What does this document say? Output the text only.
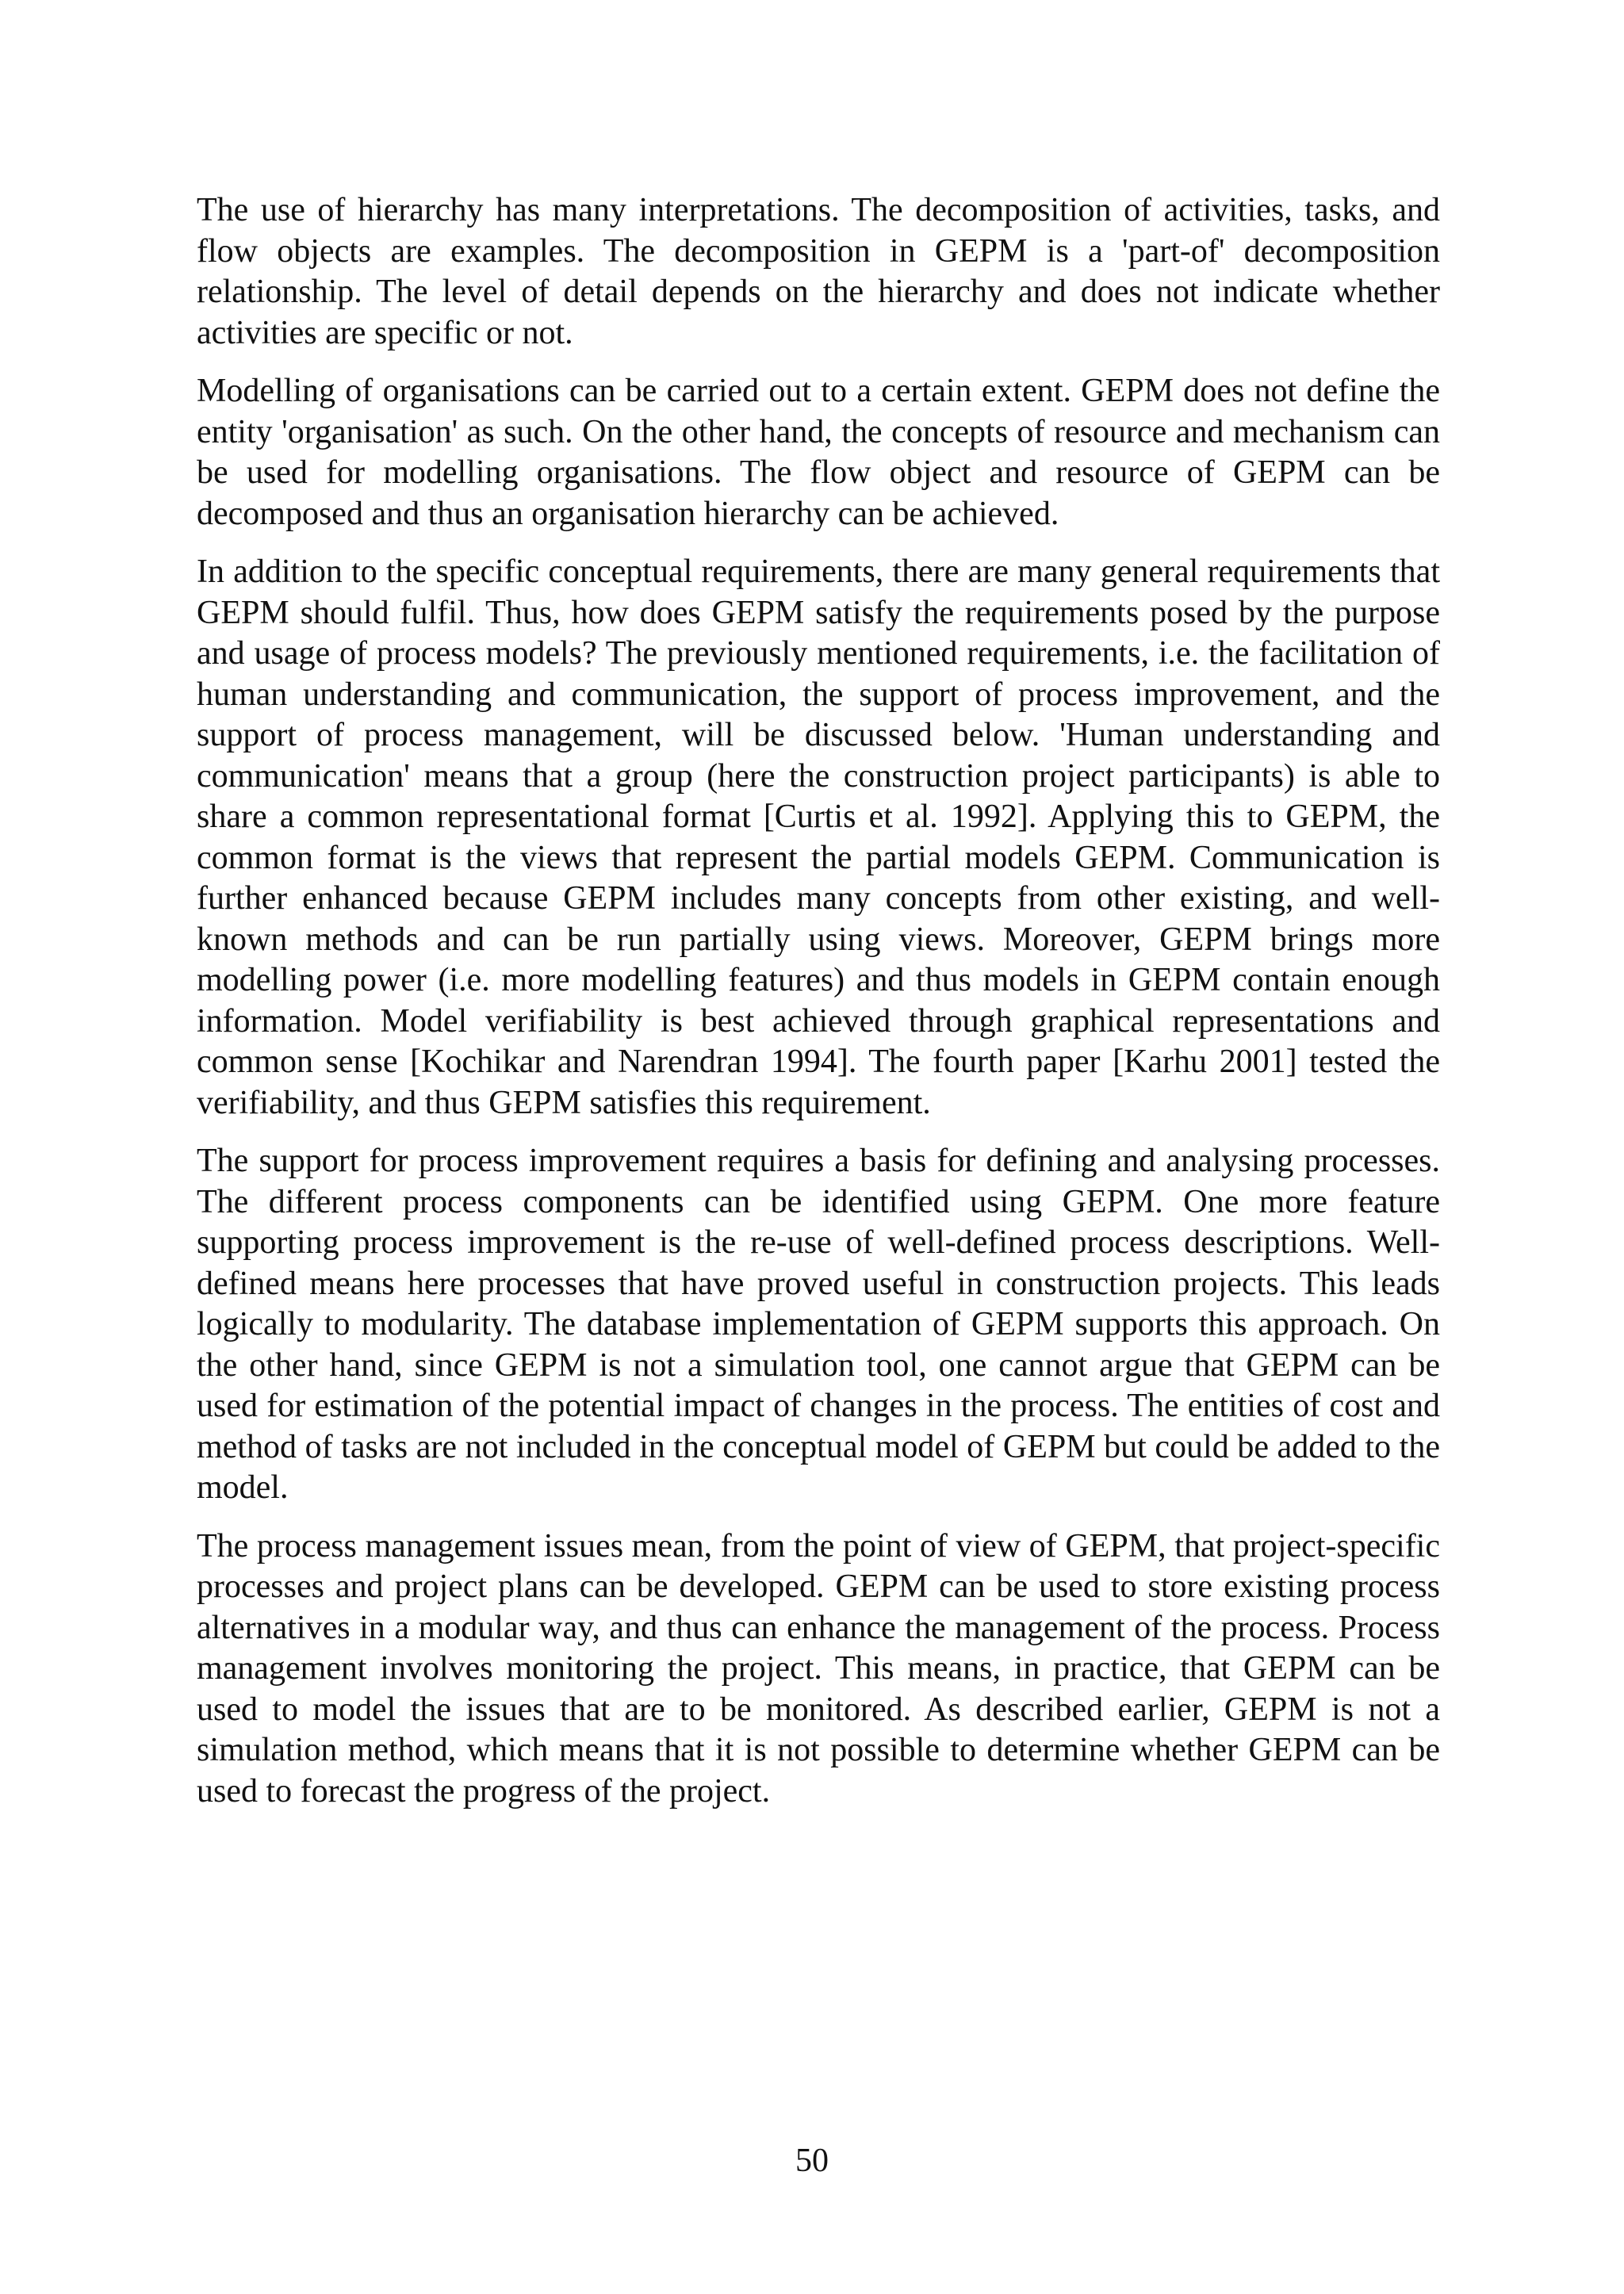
The use of hierarchy has many interpretations. The decomposition of activities, tasks, and flow objects are examples. The decomposition in GEPM is a 'part-of' decomposition relationship. The level of detail depends on the hierarchy and does not indicate whether activities are specific or not.

Modelling of organisations can be carried out to a certain extent. GEPM does not define the entity 'organisation' as such. On the other hand, the concepts of resource and mechanism can be used for modelling organisations. The flow object and resource of GEPM can be decomposed and thus an organisation hierarchy can be achieved.

In addition to the specific conceptual requirements, there are many general requirements that GEPM should fulfil. Thus, how does GEPM satisfy the requirements posed by the purpose and usage of process models? The previously mentioned requirements, i.e. the facilitation of human understanding and communication, the support of process improvement, and the support of process management, will be discussed below. 'Human understanding and communication' means that a group (here the construction project participants) is able to share a common representational format [Curtis et al. 1992]. Applying this to GEPM, the common format is the views that represent the partial models GEPM. Communication is further enhanced because GEPM includes many concepts from other existing, and well-known methods and can be run partially using views. Moreover, GEPM brings more modelling power (i.e. more modelling features) and thus models in GEPM contain enough information. Model verifiability is best achieved through graphical representations and common sense [Kochikar and Narendran 1994]. The fourth paper [Karhu 2001] tested the verifiability, and thus GEPM satisfies this requirement.

The support for process improvement requires a basis for defining and analysing processes. The different process components can be identified using GEPM. One more feature supporting process improvement is the re-use of well-defined process descriptions. Well-defined means here processes that have proved useful in construction projects. This leads logically to modularity. The database implementation of GEPM supports this approach. On the other hand, since GEPM is not a simulation tool, one cannot argue that GEPM can be used for estimation of the potential impact of changes in the process. The entities of cost and method of tasks are not included in the conceptual model of GEPM but could be added to the model.

The process management issues mean, from the point of view of GEPM, that project-specific processes and project plans can be developed. GEPM can be used to store existing process alternatives in a modular way, and thus can enhance the management of the process. Process management involves monitoring the project. This means, in practice, that GEPM can be used to model the issues that are to be monitored. As described earlier, GEPM is not a simulation method, which means that it is not possible to determine whether GEPM can be used to forecast the progress of the project.

50
